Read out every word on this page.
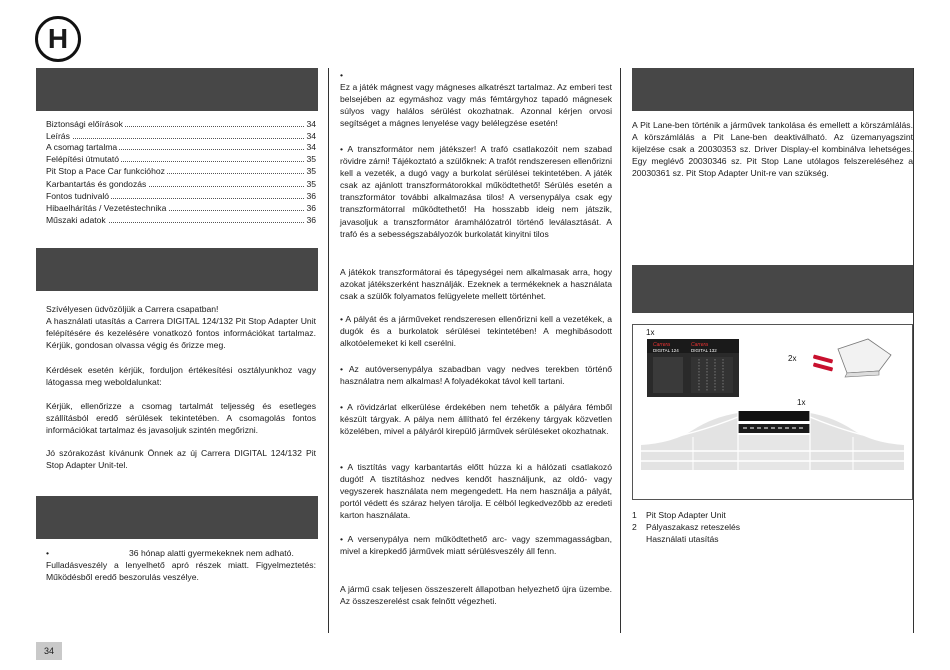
H
Biztonsági előírások	34
Leírás	34
A csomag tartalma	34
Felépítési útmutató	35
Pit Stop a Pace Car funkcióhoz	35
Karbantartás és gondozás	35
Fontos tudnivaló	36
Hibaelhárítás / Vezetéstechnika	36
Műszaki adatok	36

Szívélyesen üdvözöljük a Carrera csapatban!

A használati utasítás a Carrera DIGITAL 124/132 Pit Stop Adapter Unit felépítésére és kezelésére vonatkozó fontos információkat tartalmaz. Kérjük, gondosan olvassa végig és őrizze meg.

Kérdések esetén kérjük, forduljon értékesítési osztályunkhoz vagy látogassa meg weboldalunkat:
Kérjük, ellenőrizze a csomag tartalmát teljesség és esetleges szállításból eredő sérülések tekintetében. A csomagolás fontos információkat tartalmaz és javasoljuk szintén megőrizni.
Jó szórakozást kívánunk Önnek az új Carrera DIGITAL 124/132 Pit Stop Adapter Unit-tel.

•	36 hónap alatti gyermekeknek nem adható.

Fulladásveszély a lenyelhető apró részek miatt. Figyelmeztetés: Működésből eredő beszorulás veszélye.

•
Ez a játék mágnest vagy mágneses alkatrészt tartalmaz. Az emberi test belsejében az egymáshoz vagy más fémtárgyhoz tapadó mágnesek súlyos vagy halálos sérülést okozhatnak. Azonnal kérjen orvosi segítséget a mágnes lenyelése vagy belélegzése esetén!
• A transzformátor nem játékszer! A trafó csatlakozóit nem szabad rövidre zárni! Tájékoztató a szülőknek: A trafót rendszeresen ellenőrizni kell a vezeték, a dugó vagy a burkolat sérülései tekintetében. A játék csak az ajánlott transzformátorokkal működtethető! Sérülés esetén a transzformátor további alkalmazása tilos! A versenypálya csak egy transzformátorral működtethető! Ha hosszabb ideig nem játszik, javasoljuk a transzformátor áramhálózatról történő leválasztását. A trafó és a sebességszabályozók burkolatát kinyitni tilos
A játékok transzformátorai és tápegységei nem alkalmasak arra, hogy azokat játékszerként használják. Ezeknek a termékeknek a használata csak a szülők folyamatos felügyelete mellett történhet.
• A pályát és a járműveket rendszeresen ellenőrizni kell a vezetékek, a dugók és a burkolatok sérülései tekintetében! A meghibásodott alkotóelemeket ki kell cserélni.
• Az autóversenypálya szabadban vagy nedves terekben történő használatra nem alkalmas! A folyadékokat távol kell tartani.
• A rövidzárlat elkerülése érdekében nem tehetők a pályára fémből készült tárgyak. A pálya nem állítható fel érzékeny tárgyak közvetlen közelében, mivel a pályáról kirepülő járművek sérüléseket okozhatnak.
• A tisztítás vagy karbantartás előtt húzza ki a hálózati csatlakozó dugót! A tisztításhoz nedves kendőt használjunk, az oldó- vagy vegyszerek használata nem megengedett. Ha nem használja a pályát, portól védett és száraz helyen tárolja. E célból legkedvezőbb az eredeti karton használata.
• A versenypálya nem működtethető arc- vagy szemmagasságban, mivel a kirepkedő járművek miatt sérülésveszély áll fenn.
A jármű csak teljesen összeszerelt állapotban helyezhető újra üzembe. Az összeszerelést csak felnőtt végezheti.
A Pit Lane-ben történik a járművek tankolása és emellett a körszámlálás. A körszámlálás a Pit Lane-ben deaktiválható. Az üzemanyagszint kijelzése csak a 20030353 sz. Driver Display-el kombinálva lehetséges. Egy meglévő 20030346 sz. Pit Stop Lane utólagos felszereléséhez a 20030361 sz. Pit Stop Adapter Unit-re van szükség.
Carrera	Carrera
DIGITAL 124	DIGITAL 132
1x
2x
1x
1	Pit Stop Adapter Unit
2	Pályaszakasz reteszelés
Használati utasítás
34
